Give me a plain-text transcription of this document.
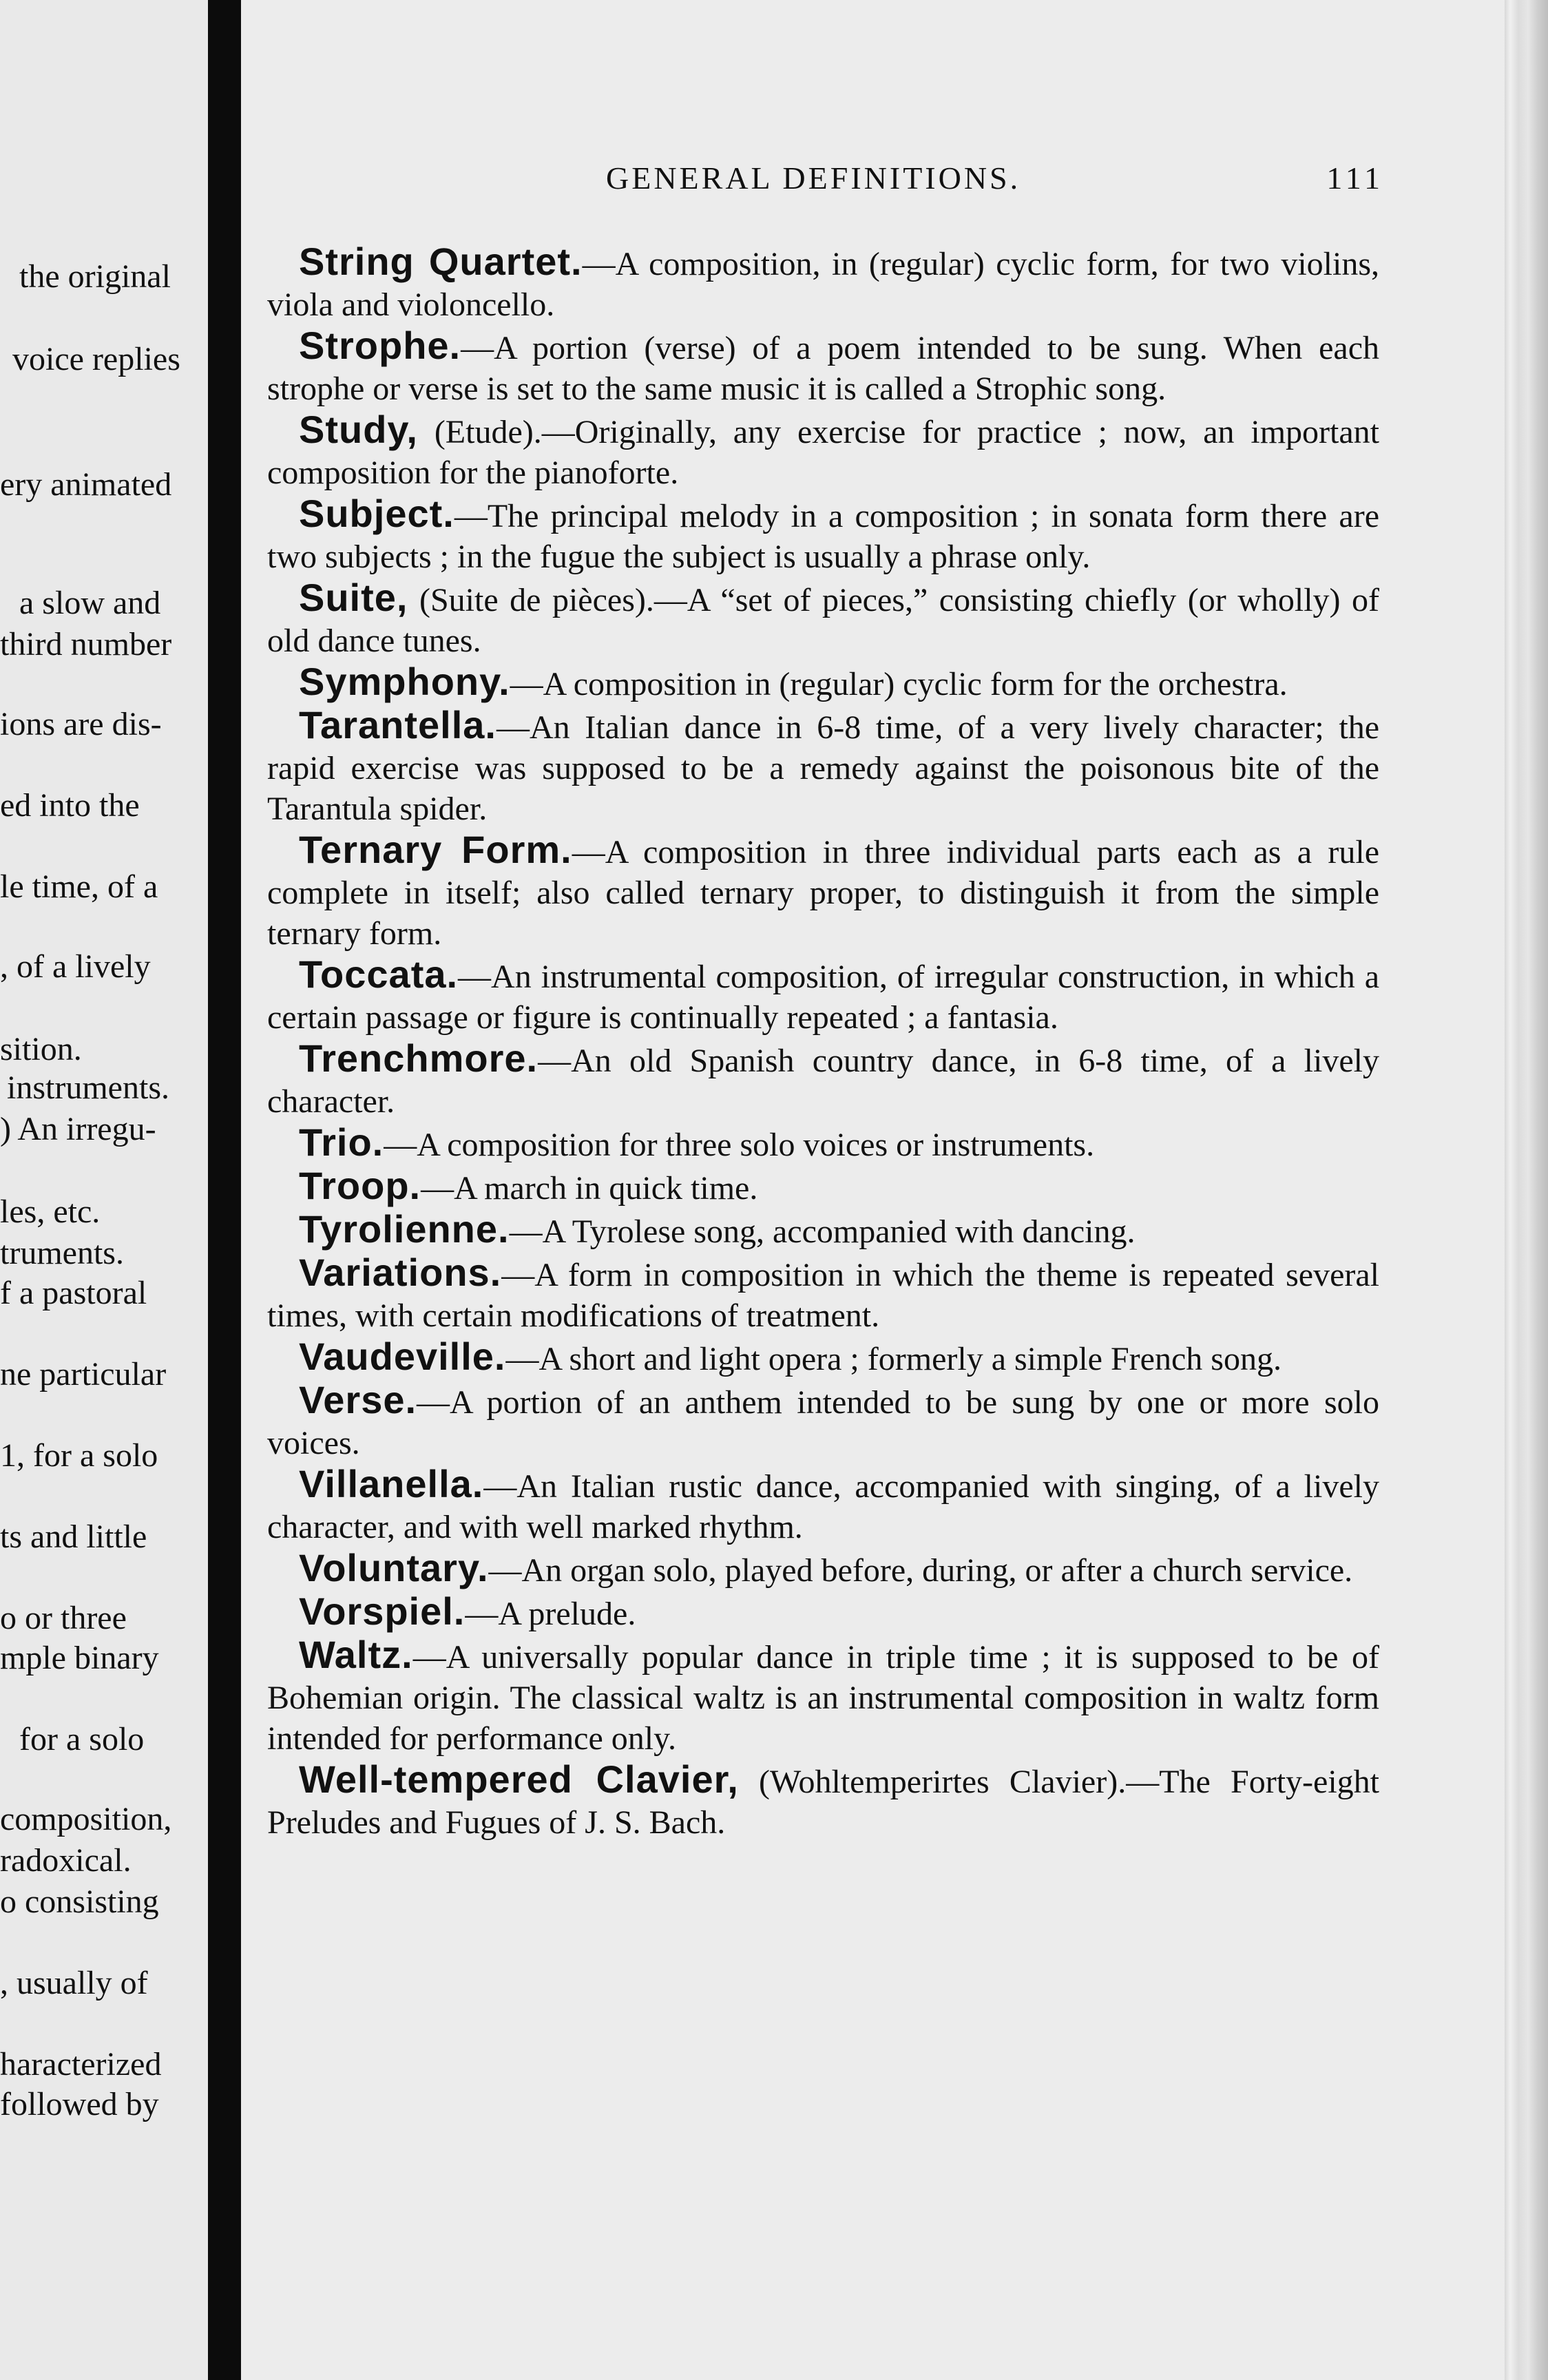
the original
voice replies
ery animated
a slow and
third number
ions are dis-
ed into the
le time, of a
, of a lively
sition.
instruments.
) An irregu-
les, etc.
truments.
f a pastoral
ne particular
1, for a solo
ts and little
o or three
mple binary
for a solo
composition,
radoxical.
o consisting
, usually of
haracterized
followed by
GENERAL DEFINITIONS.	111

String Quartet.—A composition, in (regular) cyclic form, for two violins, viola and violoncello.

Strophe.—A portion (verse) of a poem intended to be sung. When each strophe or verse is set to the same music it is called a Strophic song.

Study, (Etude).—Originally, any exercise for practice ; now, an important composition for the pianoforte.

Subject.—The principal melody in a composition ; in sonata form there are two subjects ; in the fugue the subject is usually a phrase only.

Suite, (Suite de pièces).—A “set of pieces,” consisting chiefly (or wholly) of old dance tunes.

Symphony.—A composition in (regular) cyclic form for the orchestra.

Tarantella.—An Italian dance in 6-8 time, of a very lively character; the rapid exercise was supposed to be a remedy against the poisonous bite of the Tarantula spider.

Ternary Form.—A composition in three individual parts each as a rule complete in itself; also called ternary proper, to distinguish it from the simple ternary form.

Toccata.—An instrumental composition, of irregular construction, in which a certain passage or figure is continually repeated ; a fantasia.

Trenchmore.—An old Spanish country dance, in 6-8 time, of a lively character.

Trio.—A composition for three solo voices or instruments.

Troop.—A march in quick time.

Tyrolienne.—A Tyrolese song, accompanied with dancing.

Variations.—A form in composition in which the theme is repeated several times, with certain modifications of treatment.

Vaudeville.—A short and light opera ; formerly a simple French song.

Verse.—A portion of an anthem intended to be sung by one or more solo voices.

Villanella.—An Italian rustic dance, accompanied with singing, of a lively character, and with well marked rhythm.

Voluntary.—An organ solo, played before, during, or after a church service.

Vorspiel.—A prelude.

Waltz.—A universally popular dance in triple time ; it is supposed to be of Bohemian origin. The classical waltz is an instrumental composition in waltz form intended for performance only.

Well-tempered Clavier, (Wohltemperirtes Clavier).—The Forty-eight Preludes and Fugues of J. S. Bach.
